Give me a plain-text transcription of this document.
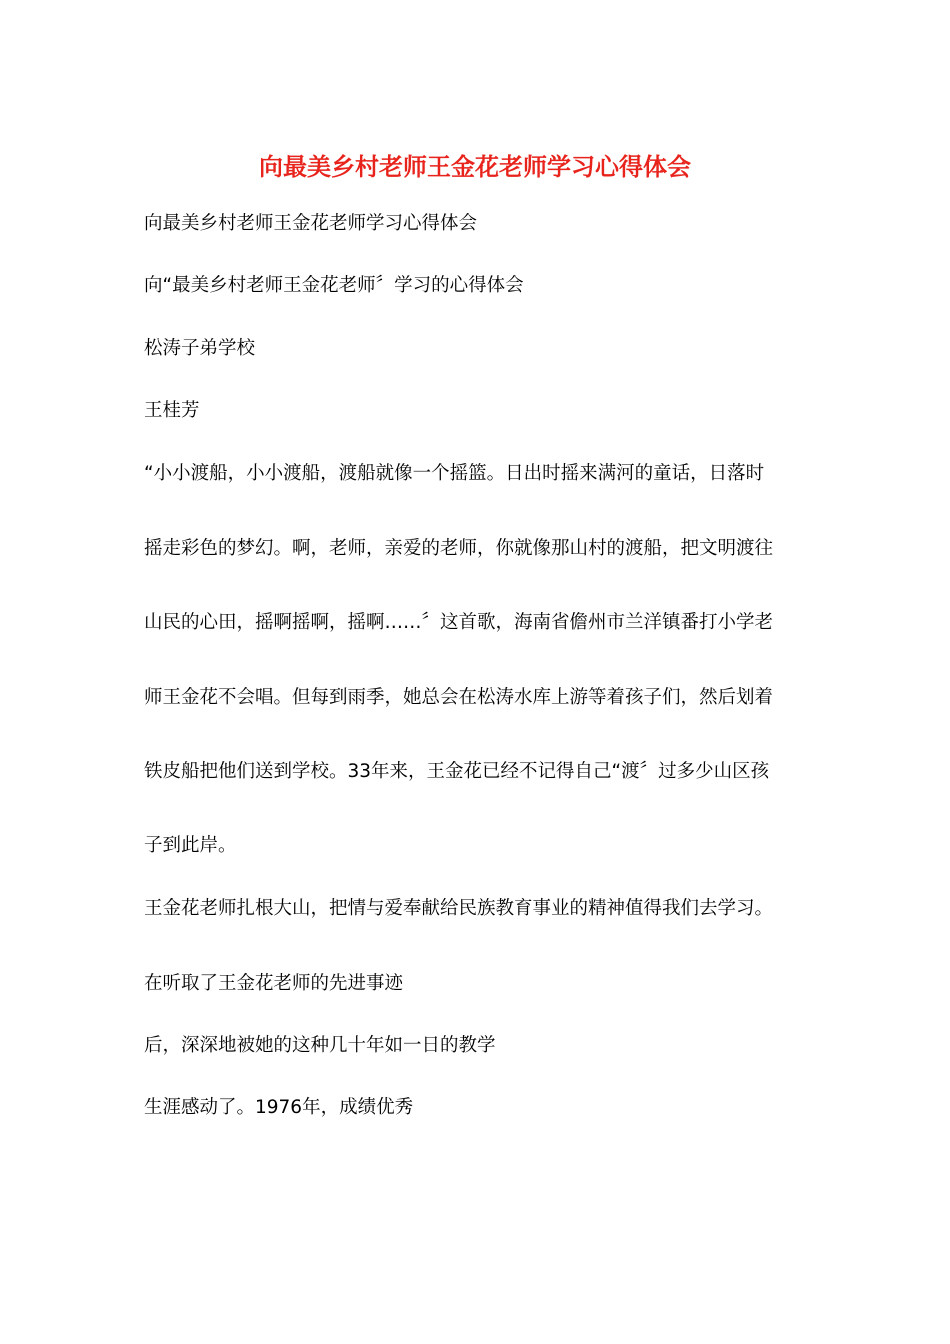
向最美乡村老师王金花老师学习心得体会

向最美乡村老师王金花老师学习心得体会

向“最美乡村老师王金花老师〞学习的心得体会

松涛子弟学校

王桂芳

“小小渡船，小小渡船，渡船就像一个摇篮。日出时摇来满河的童话，日落时

摇走彩色的梦幻。啊，老师，亲爱的老师，你就像那山村的渡船，把文明渡往

山民的心田，摇啊摇啊，摇啊……〞这首歌，海南省儋州市兰洋镇番打小学老

师王金花不会唱。但每到雨季，她总会在松涛水库上游等着孩子们，然后划着

铁皮船把他们送到学校。33年来，王金花已经不记得自己“渡〞过多少山区孩

子到此岸。

王金花老师扎根大山，把情与爱奉献给民族教育事业的精神值得我们去学习。

在听取了王金花老师的先进事迹

后，深深地被她的这种几十年如一日的教学

生涯感动了。1976年，成绩优秀
